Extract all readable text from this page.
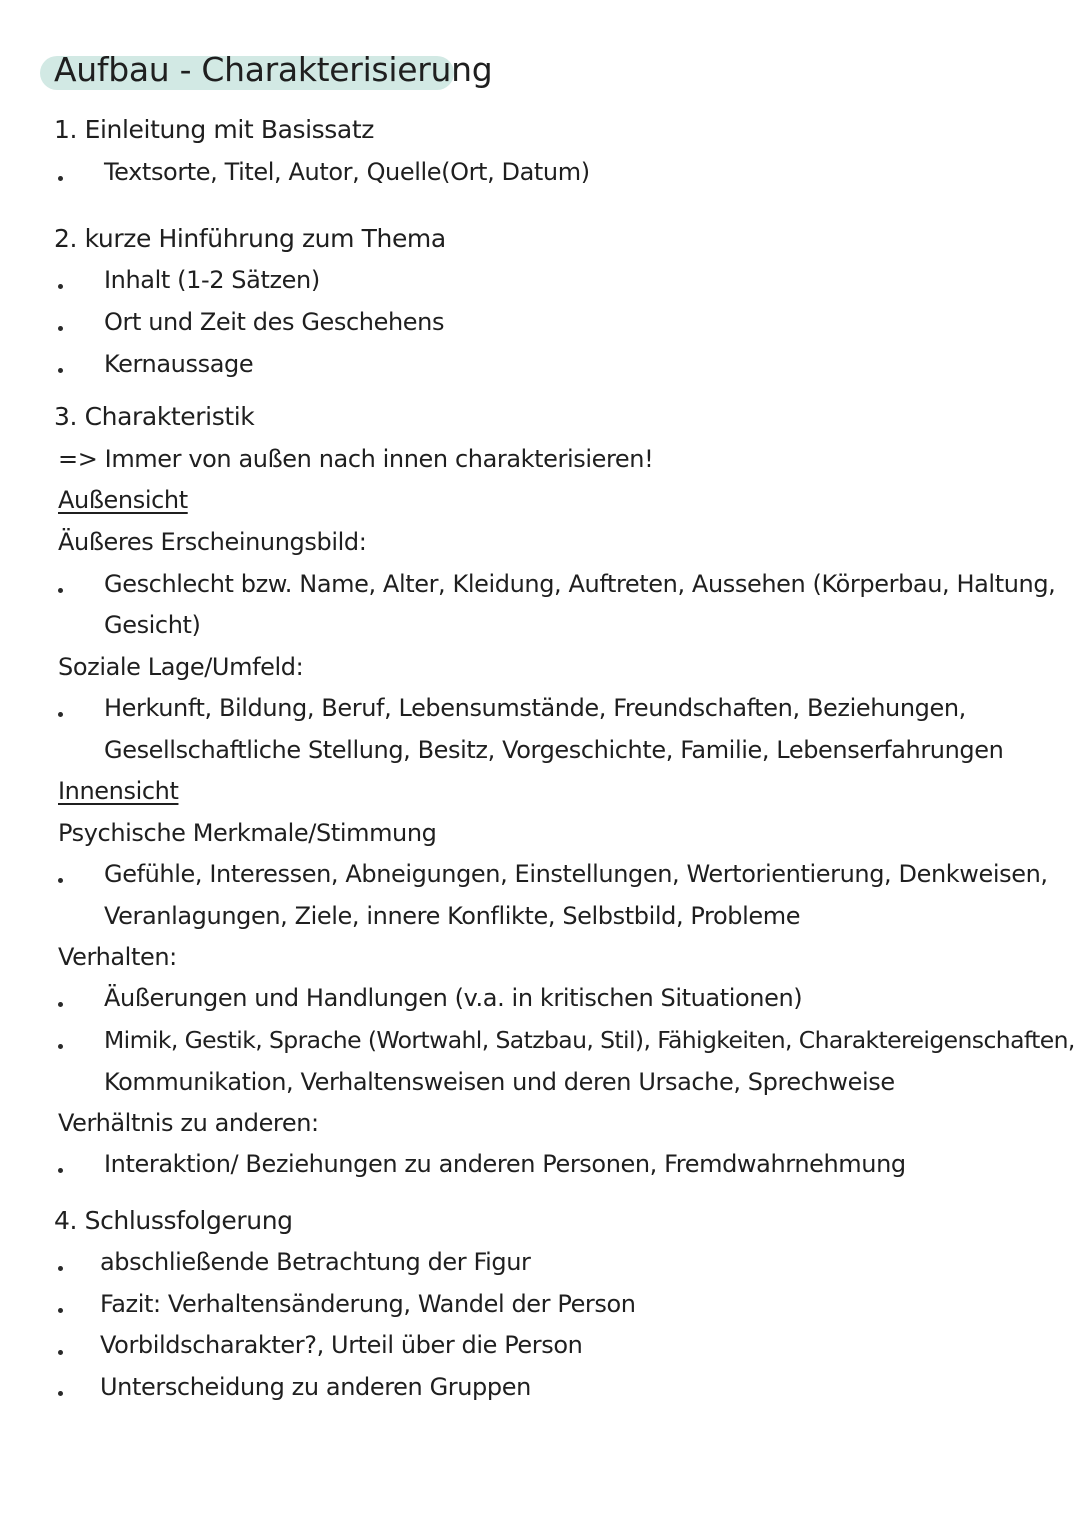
Aufbau - Charakterisierung
1. Einleitung mit Basissatz
Textsorte, Titel, Autor, Quelle(Ort, Datum)
2. kurze Hinführung zum Thema
Inhalt (1-2 Sätzen)
Ort und Zeit des Geschehens
Kernaussage
3. Charakteristik
=> Immer von außen nach innen charakterisieren!
Außensicht
Äußeres Erscheinungsbild:
Geschlecht bzw. Name, Alter, Kleidung, Auftreten, Aussehen (Körperbau, Haltung,
Gesicht)
Soziale Lage/Umfeld:
Herkunft, Bildung, Beruf, Lebensumstände, Freundschaften, Beziehungen,
Gesellschaftliche Stellung, Besitz, Vorgeschichte, Familie, Lebenserfahrungen
Innensicht
Psychische Merkmale/Stimmung
Gefühle, Interessen, Abneigungen, Einstellungen, Wertorientierung, Denkweisen,
Veranlagungen, Ziele, innere Konflikte, Selbstbild, Probleme
Verhalten:
Äußerungen und Handlungen (v.a. in kritischen Situationen)
Mimik, Gestik, Sprache (Wortwahl, Satzbau, Stil), Fähigkeiten, Charaktereigenschaften,
Kommunikation, Verhaltensweisen und deren Ursache, Sprechweise
Verhältnis zu anderen:
Interaktion/ Beziehungen zu anderen Personen, Fremdwahrnehmung
4. Schlussfolgerung
abschließende Betrachtung der Figur
Fazit: Verhaltensänderung, Wandel der Person
Vorbildscharakter?, Urteil über die Person
Unterscheidung zu anderen Gruppen
